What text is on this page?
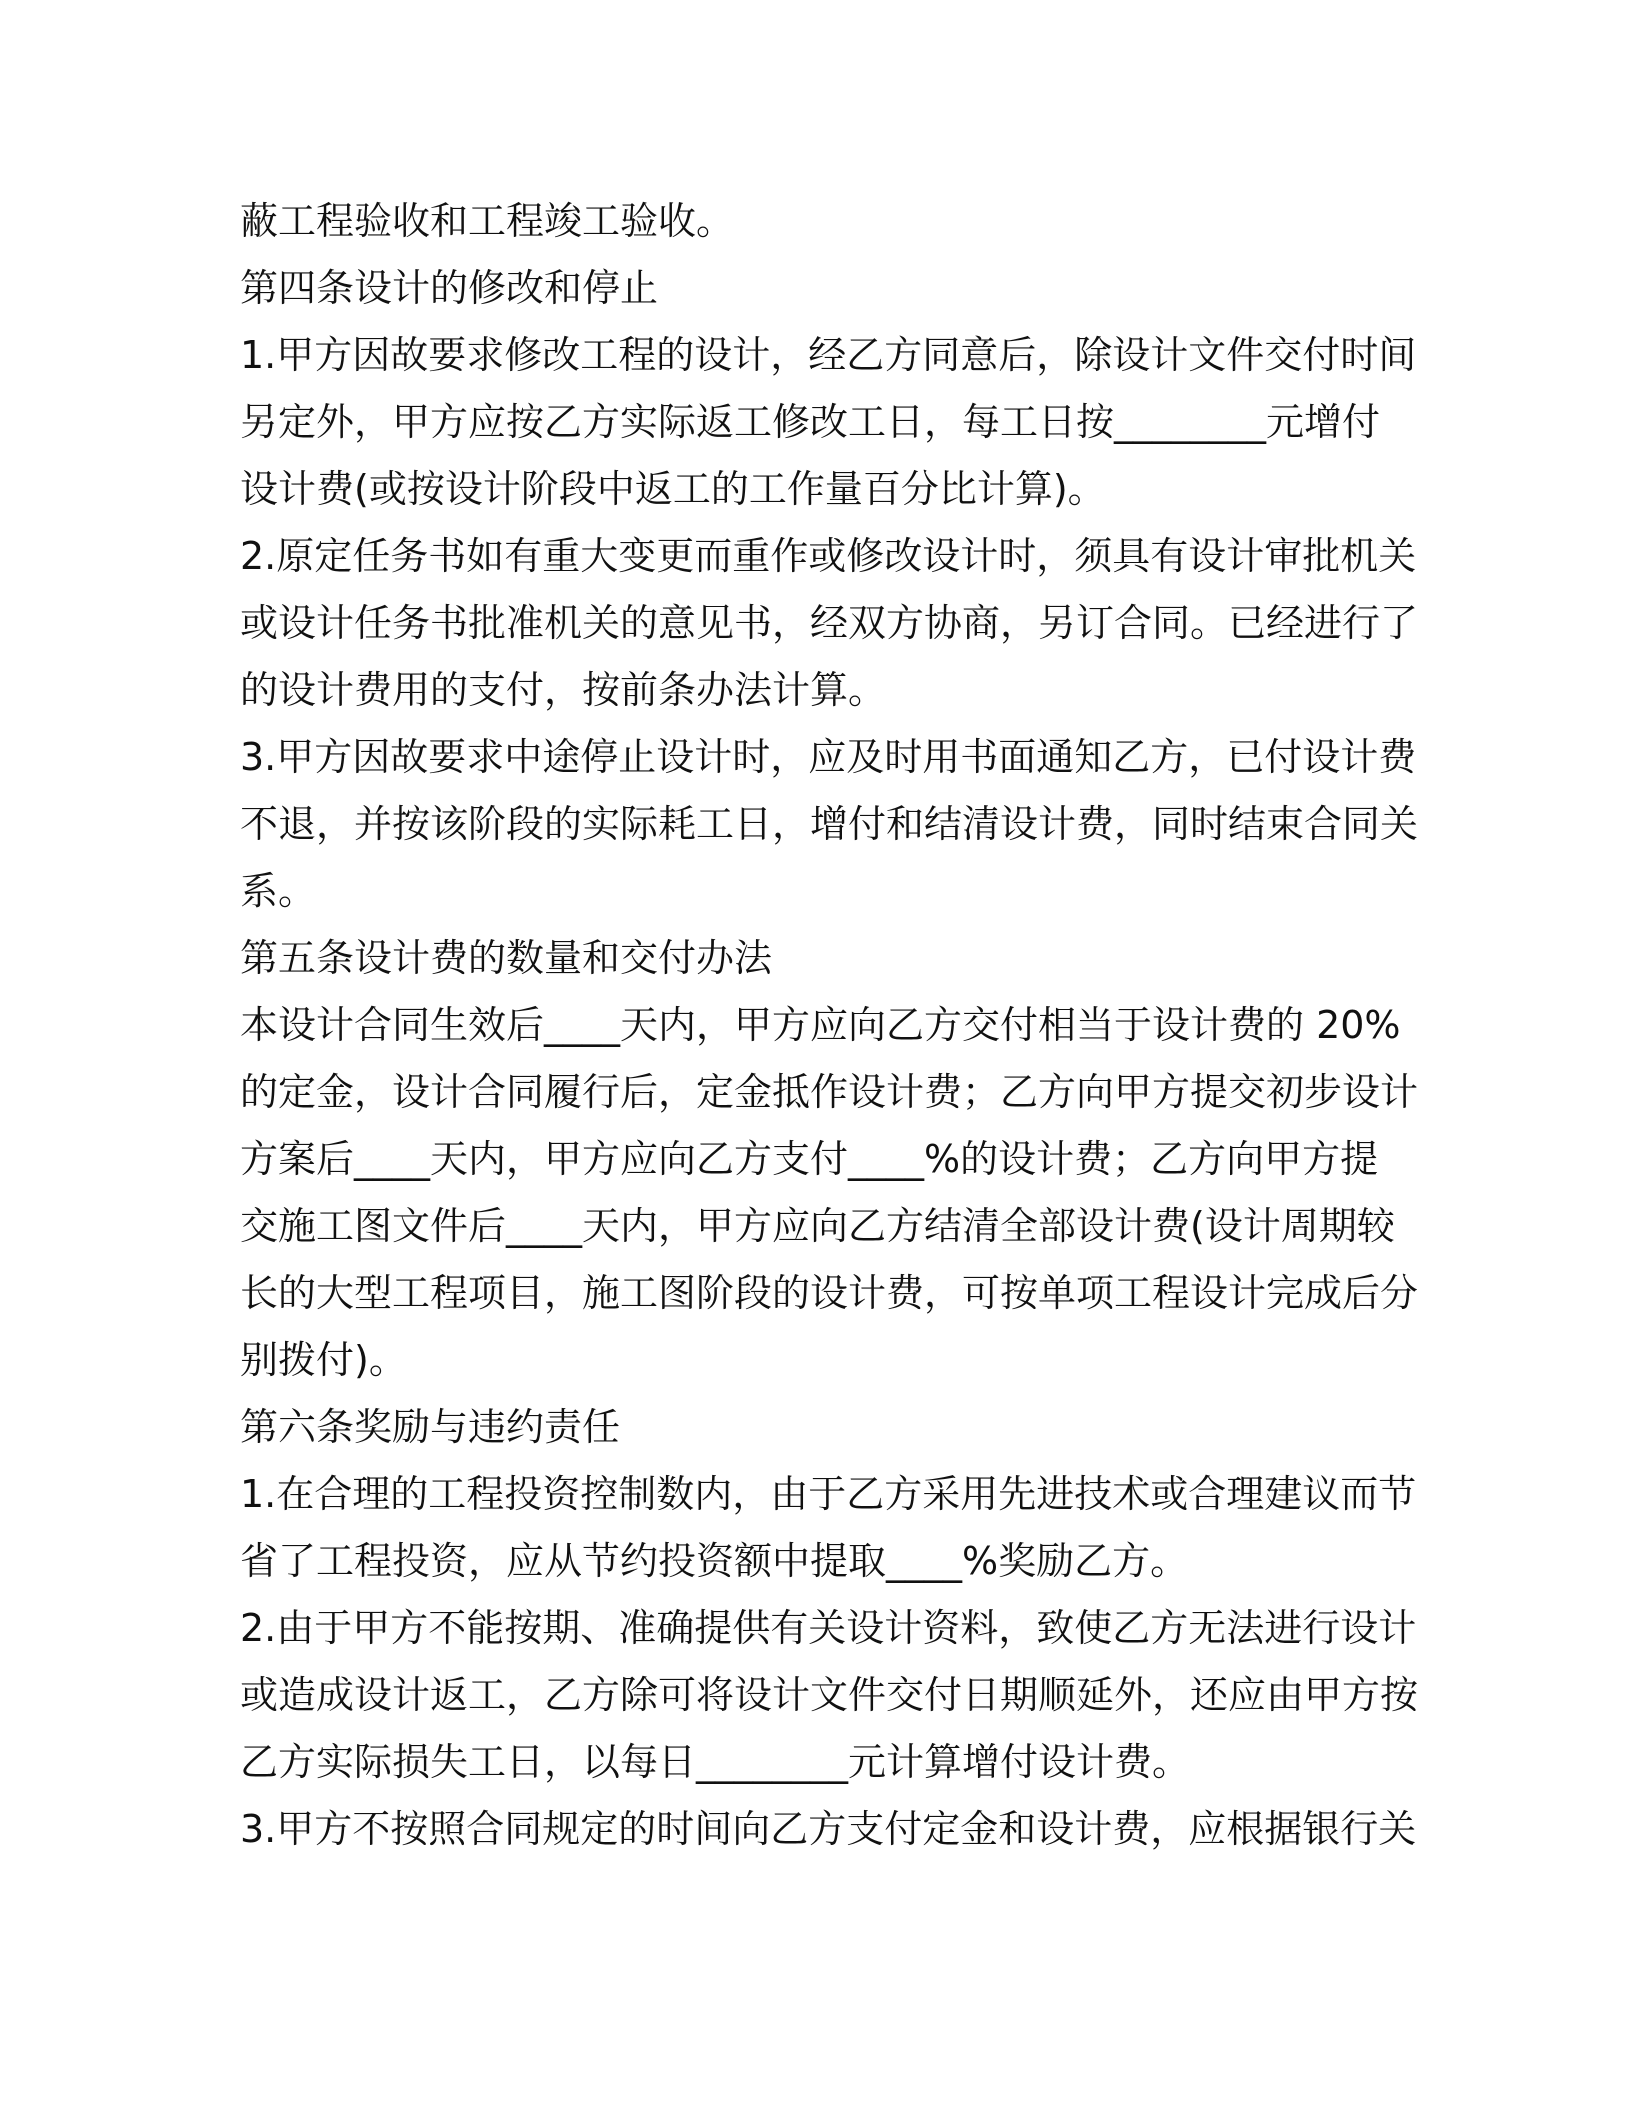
蔽工程验收和工程竣工验收。
第四条设计的修改和停止
1.甲方因故要求修改工程的设计，经乙方同意后，除设计文件交付时间
另定外，甲方应按乙方实际返工修改工日，每工日按________元增付
设计费(或按设计阶段中返工的工作量百分比计算)。
2.原定任务书如有重大变更而重作或修改设计时，须具有设计审批机关
或设计任务书批准机关的意见书，经双方协商，另订合同。已经进行了
的设计费用的支付，按前条办法计算。
3.甲方因故要求中途停止设计时，应及时用书面通知乙方，已付设计费
不退，并按该阶段的实际耗工日，增付和结清设计费，同时结束合同关
系。
第五条设计费的数量和交付办法
本设计合同生效后____天内，甲方应向乙方交付相当于设计费的 20%
的定金，设计合同履行后，定金抵作设计费；乙方向甲方提交初步设计
方案后____天内，甲方应向乙方支付____%的设计费；乙方向甲方提
交施工图文件后____天内，甲方应向乙方结清全部设计费(设计周期较
长的大型工程项目，施工图阶段的设计费，可按单项工程设计完成后分
别拨付)。
第六条奖励与违约责任
1.在合理的工程投资控制数内，由于乙方采用先进技术或合理建议而节
省了工程投资，应从节约投资额中提取____%奖励乙方。
2.由于甲方不能按期、准确提供有关设计资料，致使乙方无法进行设计
或造成设计返工，乙方除可将设计文件交付日期顺延外，还应由甲方按
乙方实际损失工日，以每日________元计算增付设计费。
3.甲方不按照合同规定的时间向乙方支付定金和设计费，应根据银行关
